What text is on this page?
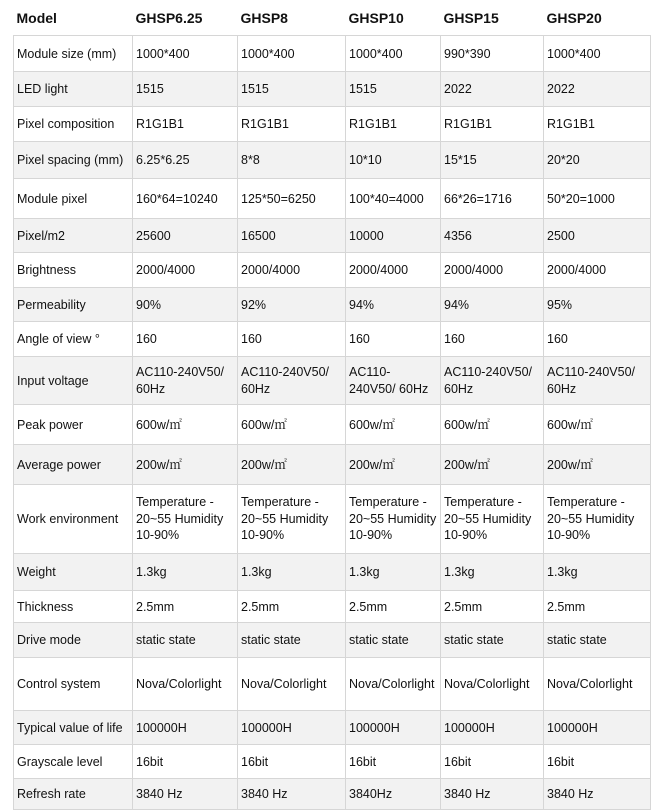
Model	GHSP6.25	GHSP8	GHSP10	GHSP15	GHSP20
Module size (mm)	1000*400	1000*400	1000*400	990*390	1000*400
LED light	1515	1515	1515	2022	2022
Pixel composition	R1G1B1	R1G1B1	R1G1B1	R1G1B1	R1G1B1
Pixel spacing (mm)	6.25*6.25	8*8	10*10	15*15	20*20
Module pixel	160*64=10240	125*50=6250	100*40=4000	66*26=1716	50*20=1000
Pixel/m2	25600	16500	10000	4356	2500
Brightness	2000/4000	2000/4000	2000/4000	2000/4000	2000/4000
Permeability	90%	92%	94%	94%	95%
Angle of view °	160	160	160	160	160
Input voltage	AC110-240V50/ 60Hz	AC110-240V50/ 60Hz	AC110-240V50/ 60Hz	AC110-240V50/ 60Hz	AC110-240V50/ 60Hz
Peak power	600w/㎡	600w/㎡	600w/㎡	600w/㎡	600w/㎡
Average power	200w/㎡	200w/㎡	200w/㎡	200w/㎡	200w/㎡
Work environment	Temperature - 20~55 Humidity 10-90%	Temperature - 20~55 Humidity 10-90%	Temperature - 20~55 Humidity 10-90%	Temperature - 20~55 Humidity 10-90%	Temperature - 20~55 Humidity 10-90%
Weight	1.3kg	1.3kg	1.3kg	1.3kg	1.3kg
Thickness	2.5mm	2.5mm	2.5mm	2.5mm	2.5mm
Drive mode	static state	static state	static state	static state	static state
Control system	Nova/Colorlight	Nova/Colorlight	Nova/Colorlight	Nova/Colorlight	Nova/Colorlight
Typical value of life	100000H	100000H	100000H	100000H	100000H
Grayscale level	16bit	16bit	16bit	16bit	16bit
Refresh rate	3840 Hz	3840 Hz	3840Hz	3840 Hz	3840 Hz
